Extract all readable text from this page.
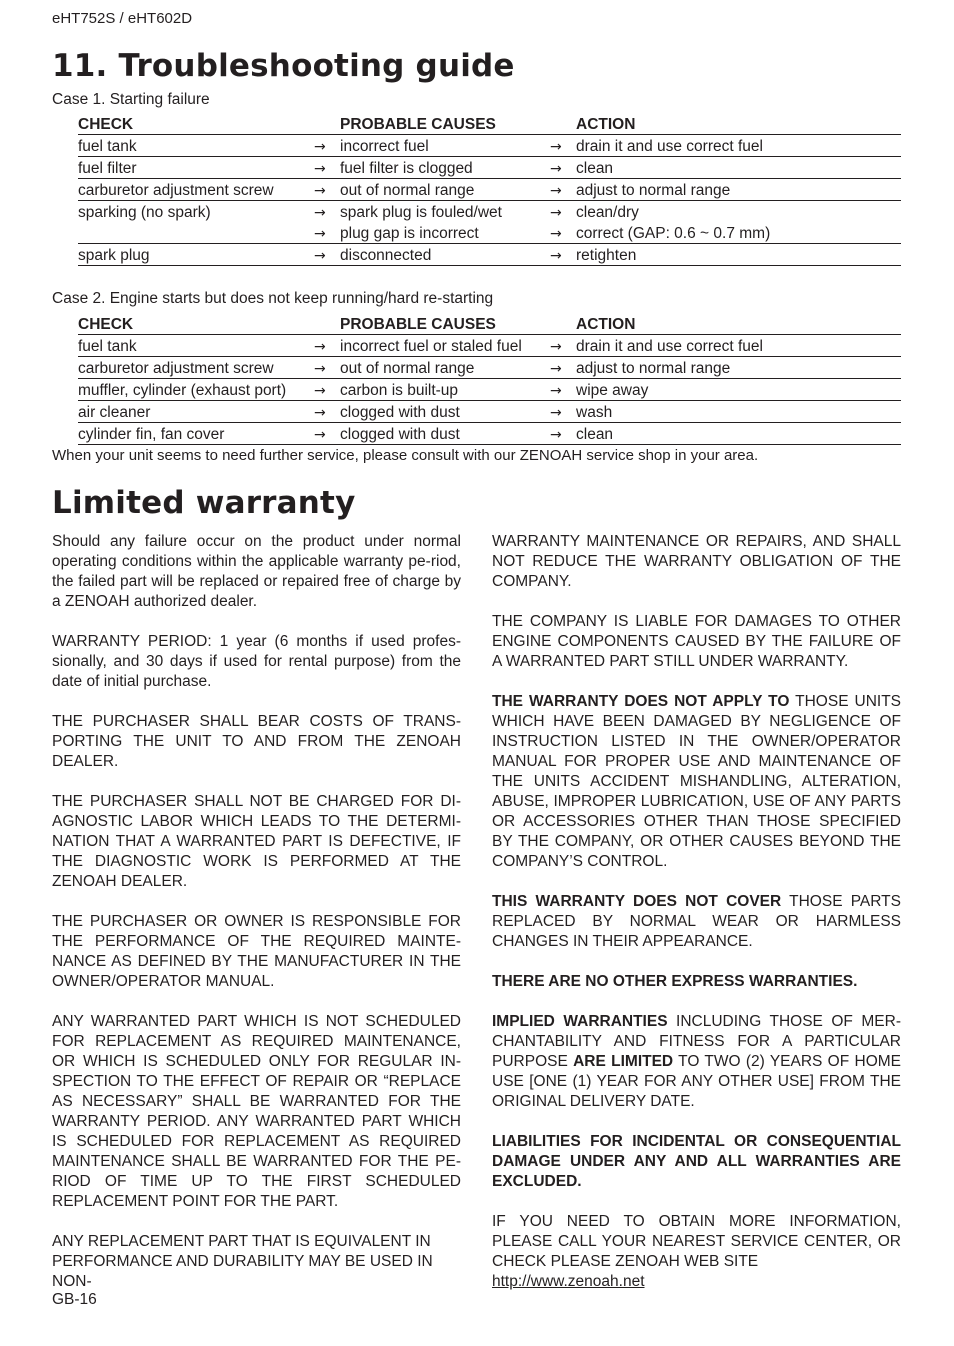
eHT752S / eHT602D
11. Troubleshooting guide
Case 1. Starting failure
CHECK		PROBABLE CAUSES		ACTION
fuel tank	→	incorrect fuel	→	drain it and use correct fuel
fuel filter	→	fuel filter is clogged	→	clean
carburetor adjustment screw	→	out of normal range	→	adjust to normal range
sparking (no spark)	→	spark plug is fouled/wet	→	clean/dry
	→	plug gap is incorrect	→	correct (GAP: 0.6 ~ 0.7 mm)
spark plug	→	disconnected	→	retighten
Case 2. Engine starts but does not keep running/hard re-starting
CHECK		PROBABLE CAUSES		ACTION
fuel tank	→	incorrect fuel or staled fuel	→	drain it and use correct fuel
carburetor adjustment screw	→	out of normal range	→	adjust to normal range
muffler, cylinder (exhaust port)	→	carbon is built-up	→	wipe away
air cleaner	→	clogged with dust	→	wash
cylinder fin, fan cover	→	clogged with dust	→	clean
When your unit seems to need further service, please consult with our ZENOAH service shop in your area.
Limited warranty

Should any failure occur on the product under normal operating conditions within the applicable warranty pe-riod, the failed part will be replaced or repaired free of charge by a ZENOAH authorized dealer.

WARRANTY PERIOD: 1 year (6 months if used profes-sionally, and 30 days if used for rental purpose) from the date of initial purchase.

THE PURCHASER SHALL BEAR COSTS OF TRANS-PORTING THE UNIT TO AND FROM THE ZENOAH DEALER.

THE PURCHASER SHALL NOT BE CHARGED FOR DI-AGNOSTIC LABOR WHICH LEADS TO THE DETERMI-NATION THAT A WARRANTED PART IS DEFECTIVE, IF THE DIAGNOSTIC WORK IS PERFORMED AT THE ZENOAH DEALER.

THE PURCHASER OR OWNER IS RESPONSIBLE FOR THE PERFORMANCE OF THE REQUIRED MAINTE-NANCE AS DEFINED BY THE MANUFACTURER IN THE OWNER/OPERATOR MANUAL.

ANY WARRANTED PART WHICH IS NOT SCHEDULED FOR REPLACEMENT AS REQUIRED MAINTENANCE, OR WHICH IS SCHEDULED ONLY FOR REGULAR IN-SPECTION TO THE EFFECT OF REPAIR OR “REPLACE AS NECESSARY” SHALL BE WARRANTED FOR THE WARRANTY PERIOD. ANY WARRANTED PART WHICH IS SCHEDULED FOR REPLACEMENT AS REQUIRED MAINTENANCE SHALL BE WARRANTED FOR THE PE-RIOD OF TIME UP TO THE FIRST SCHEDULED REPLACEMENT POINT FOR THE PART.

ANY REPLACEMENT PART THAT IS EQUIVALENT IN PERFORMANCE AND DURABILITY MAY BE USED IN NON-

WARRANTY MAINTENANCE OR REPAIRS, AND SHALL NOT REDUCE THE WARRANTY OBLIGATION OF THE COMPANY.

THE COMPANY IS LIABLE FOR DAMAGES TO OTHER ENGINE COMPONENTS CAUSED BY THE FAILURE OF A WARRANTED PART STILL UNDER WARRANTY.

THE WARRANTY DOES NOT APPLY TO THOSE UNITS WHICH HAVE BEEN DAMAGED BY NEGLIGENCE OF INSTRUCTION LISTED IN THE OWNER/OPERATOR MANUAL FOR PROPER USE AND MAINTENANCE OF THE UNITS ACCIDENT MISHANDLING, ALTERATION, ABUSE, IMPROPER LUBRICATION, USE OF ANY PARTS OR ACCESSORIES OTHER THAN THOSE SPECIFIED BY THE COMPANY, OR OTHER CAUSES BEYOND THE COMPANY’S CONTROL.

THIS WARRANTY DOES NOT COVER THOSE PARTS REPLACED BY NORMAL WEAR OR HARMLESS CHANGES IN THEIR APPEARANCE.

THERE ARE NO OTHER EXPRESS WARRANTIES.

IMPLIED WARRANTIES INCLUDING THOSE OF MER-CHANTABILITY AND FITNESS FOR A PARTICULAR PURPOSE ARE LIMITED TO TWO (2) YEARS OF HOME USE [ONE (1) YEAR FOR ANY OTHER USE] FROM THE ORIGINAL DELIVERY DATE.

LIABILITIES FOR INCIDENTAL OR CONSEQUENTIAL DAMAGE UNDER ANY AND ALL WARRANTIES ARE EXCLUDED.

IF YOU NEED TO OBTAIN MORE INFORMATION, PLEASE CALL YOUR NEAREST SERVICE CENTER, OR CHECK PLEASE ZENOAH WEB SITE
http://www.zenoah.net

GB-16
